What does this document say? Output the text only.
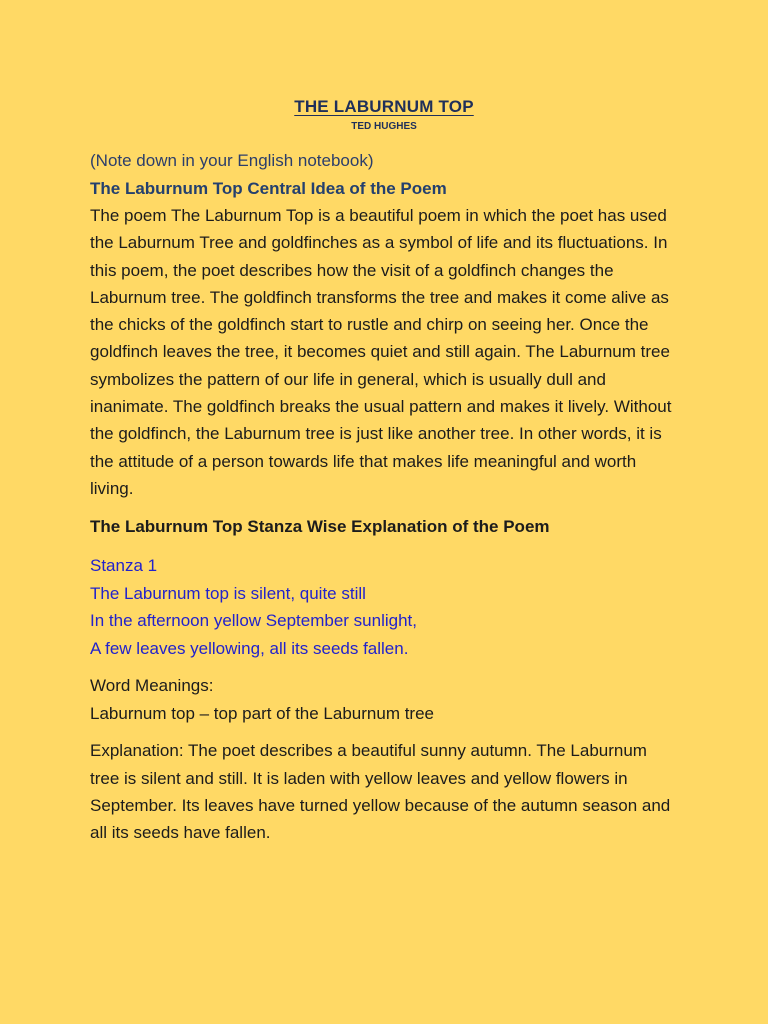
THE LABURNUM TOP
TED HUGHES
(Note down in your English notebook)
The Laburnum Top Central Idea of the Poem

The poem The Laburnum Top is a beautiful poem in which the poet has used the Laburnum Tree and goldfinches as a symbol of life and its fluctuations. In this poem, the poet describes how the visit of a goldfinch changes the Laburnum tree. The goldfinch transforms the tree and makes it come alive as the chicks of the goldfinch start to rustle and chirp on seeing her. Once the goldfinch leaves the tree, it becomes quiet and still again. The Laburnum tree symbolizes the pattern of our life in general, which is usually dull and inanimate. The goldfinch breaks the usual pattern and makes it lively. Without the goldfinch, the Laburnum tree is just like another tree. In other words, it is the attitude of a person towards life that makes life meaningful and worth living.

The Laburnum Top Stanza Wise Explanation of the Poem
Stanza 1
The Laburnum top is silent, quite still
In the afternoon yellow September sunlight,
A few leaves yellowing, all its seeds fallen.
Word Meanings:
Laburnum top – top part of the Laburnum tree

Explanation: The poet describes a beautiful sunny autumn. The Laburnum tree is silent and still. It is laden with yellow leaves and yellow flowers in September. Its leaves have turned yellow because of the autumn season and all its seeds have fallen.
